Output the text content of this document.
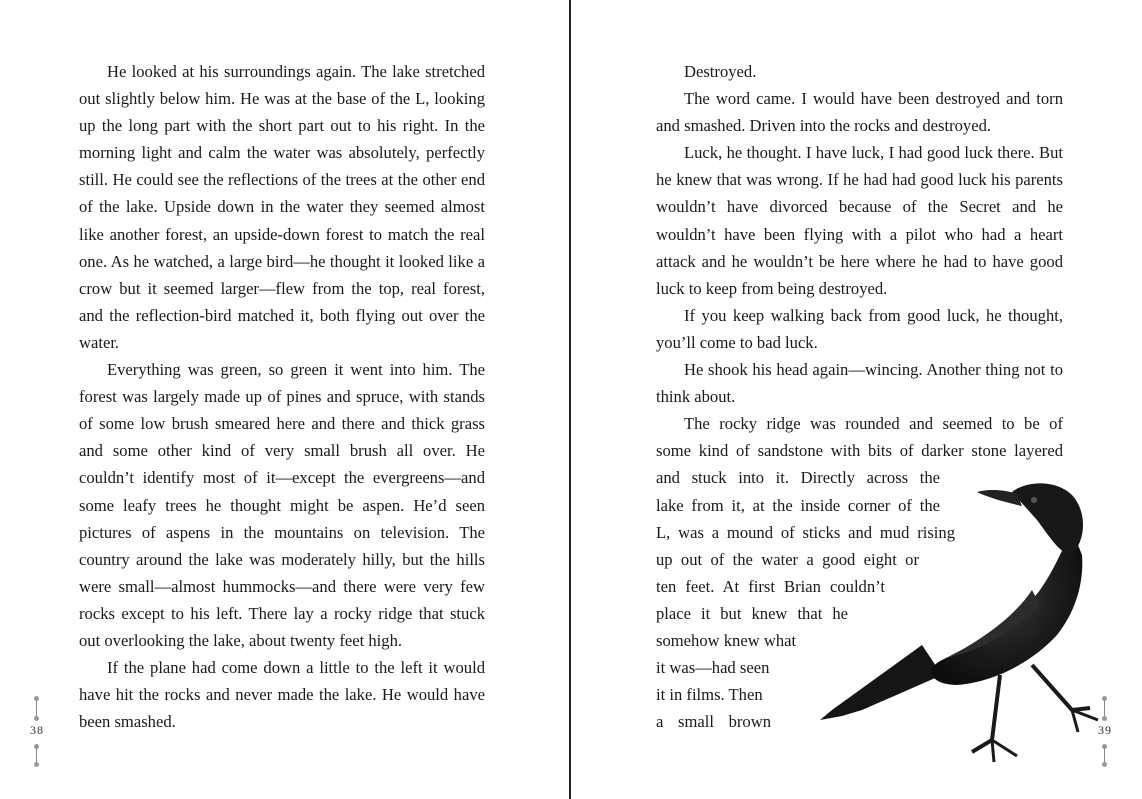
He looked at his surroundings again. The lake stretched out slightly below him. He was at the base of the L, looking up the long part with the short part out to his right. In the morning light and calm the water was absolutely, perfectly still. He could see the reflections of the trees at the other end of the lake. Upside down in the water they seemed almost like another forest, an upside-down forest to match the real one. As he watched, a large bird—he thought it looked like a crow but it seemed larger—flew from the top, real forest, and the reflection-bird matched it, both flying out over the water.

Everything was green, so green it went into him. The forest was largely made up of pines and spruce, with stands of some low brush smeared here and there and thick grass and some other kind of very small brush all over. He couldn’t identify most of it—except the evergreens—and some leafy trees he thought might be aspen. He’d seen pictures of aspens in the mountains on television. The country around the lake was moderately hilly, but the hills were small—almost hummocks—and there were very few rocks except to his left. There lay a rocky ridge that stuck out overlooking the lake, about twenty feet high.

If the plane had come down a little to the left it would have hit the rocks and never made the lake. He would have been smashed.

38

Destroyed.

The word came. I would have been destroyed and torn and smashed. Driven into the rocks and destroyed.

Luck, he thought. I have luck, I had good luck there. But he knew that was wrong. If he had had good luck his parents wouldn’t have divorced because of the Secret and he wouldn’t have been flying with a pilot who had a heart attack and he wouldn’t be here where he had to have good luck to keep from being destroyed.

If you keep walking back from good luck, he thought, you’ll come to bad luck.

He shook his head again—wincing. Another thing not to think about.

The rocky ridge was rounded and seemed to be of

some kind of sandstone with bits of darker stone layered

and stuck into it. Directly across the

lake from it, at the inside corner of the

L, was a mound of sticks and mud rising

up out of the water a good eight or

ten feet. At first Brian couldn’t

place it but knew that he

somehow knew what

it was—had seen

it in films. Then

a small brown	39
